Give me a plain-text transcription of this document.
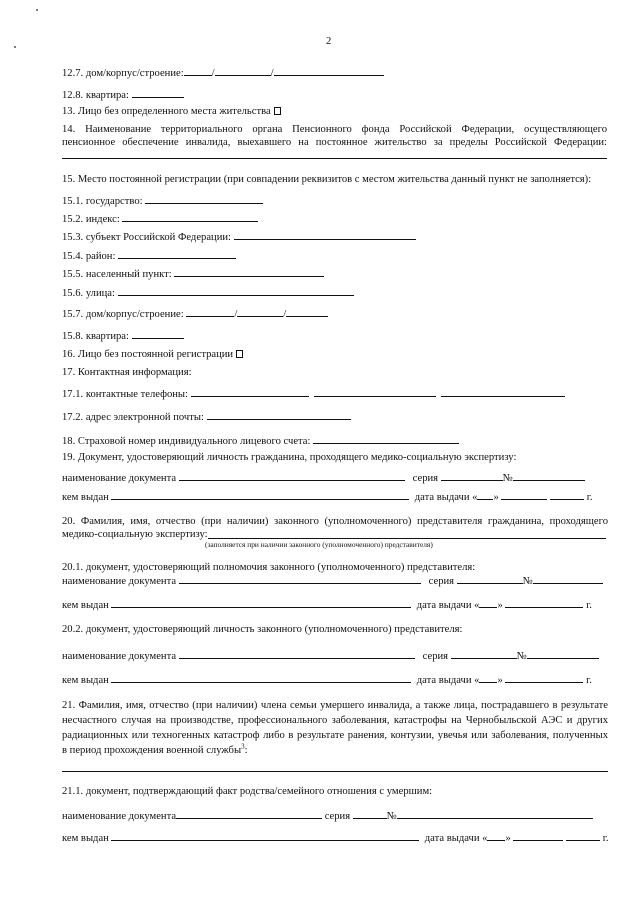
2
12.7. дом/корпус/строение:	/	/
12.8. квартира:
13. Лицо без определенного места жительства
14. Наименование территориального органа Пенсионного фонда Российской Федерации, осуществляющего
пенсионное обеспечение инвалида, выехавшего на постоянное жительство за пределы Российской Федерации:
15. Место постоянной регистрации (при совпадении реквизитов с местом жительства данный пункт не заполняется):
15.1. государство:
15.2. индекс:
15.3. субъект Российской Федерации:
15.4. район:
15.5. населенный пункт:
15.6. улица:
15.7. дом/корпус/строение:	/	/
15.8. квартира:
16. Лицо без постоянной регистрации
17. Контактная информация:
17.1. контактные телефоны:
17.2. адрес электронной почты:
18. Страховой номер индивидуального лицевого счета:
19. Документ, удостоверяющий личность гражданина, проходящего медико-социальную экспертизу:
наименование документа	серия	№
кем выдан	дата выдачи « »	г.
20. Фамилия, имя, отчество (при наличии) законного (уполномоченного) представителя гражданина, проходящего
медико-социальную экспертизу:
(заполняется при наличии законного (уполномоченного) представителя)
20.1. документ, удостоверяющий полномочия законного (уполномоченного) представителя:
наименование документа	серия	№
кем выдан	дата выдачи « »	г.
20.2. документ, удостоверяющий личность законного (уполномоченного) представителя:
наименование документа	серия	№
кем выдан	дата выдачи « »	г.
21. Фамилия, имя, отчество (при наличии) члена семьи умершего инвалида, а также лица, пострадавшего в результате
несчастного случая на производстве, профессионального заболевания, катастрофы на Чернобыльской АЭС и других
радиационных или техногенных катастроф либо в результате ранения, контузии, увечья или заболевания, полученных
в период прохождения военной службы$^3$:
21.1. документ, подтверждающий факт родства/семейного отношения с умершим:
наименование документа	серия	№
кем выдан	дата выдачи « »	г.
